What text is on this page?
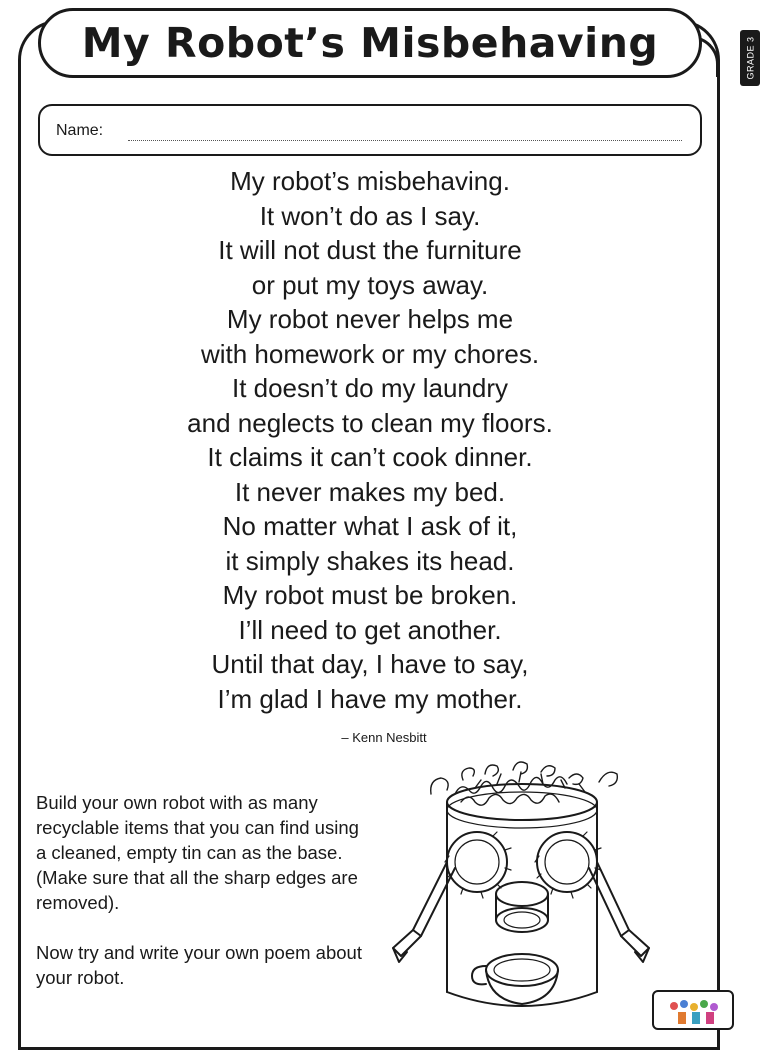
My Robot’s Misbehaving	GRADE 3
Name:
My robot’s misbehaving.
It won’t do as I say.
It will not dust the furniture
or put my toys away.
My robot never helps me
with homework or my chores.
It doesn’t do my laundry
and neglects to clean my floors.
It claims it can’t cook dinner.
It never makes my bed.
No matter what I ask of it,
it simply shakes its head.
My robot must be broken.
I’ll need to get another.
Until that day, I have to say,
I’m glad I have my mother.
– Kenn Nesbitt

Build your own robot with as many recyclable items that you can find using a cleaned, empty tin can as the base. (Make sure that all the sharp edges are removed).

Now try and write your own poem about your robot.
